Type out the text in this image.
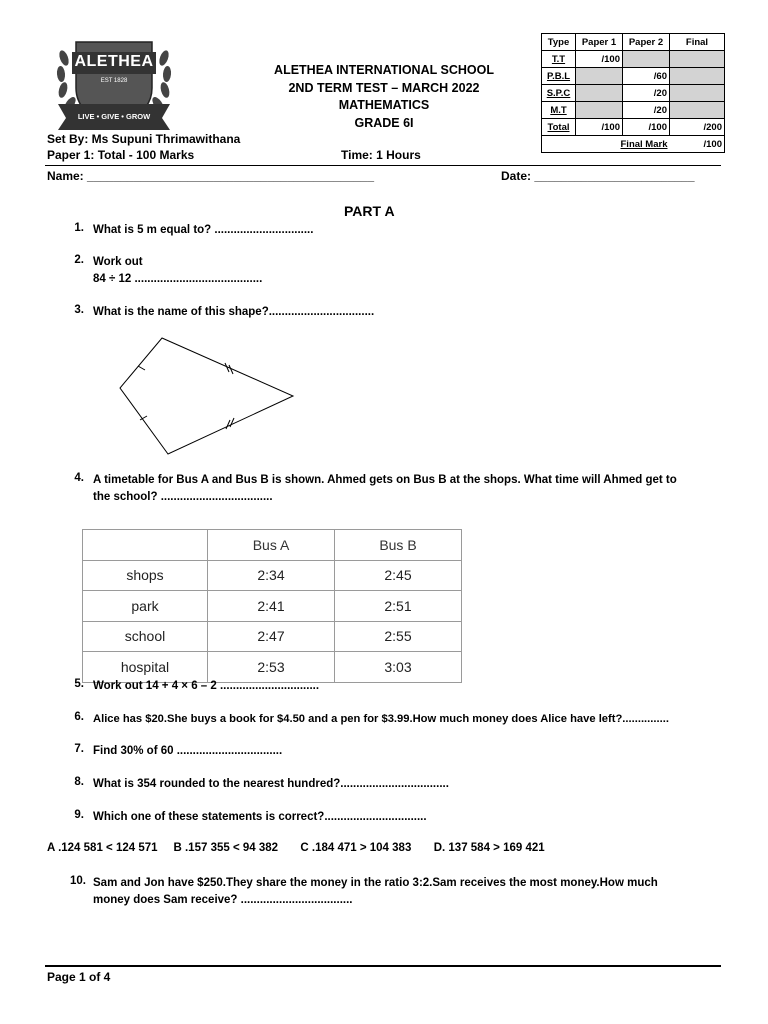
ALETHEA
EST 1828
LIVE • GIVE • GROW
ALETHEA INTERNATIONAL SCHOOL
2ND TERM TEST – MARCH 2022
MATHEMATICS
GRADE 6I
Type	Paper 1	Paper 2	Final
T.T	/100		
P.B.L		/60	
S.P.C		/20	
M.T		/20	
Total	/100	/100	/200
Final Mark			/100
Set By: Ms Supuni Thrimawithana
Paper 1: Total - 100 Marks	Time: 1 Hours
Name: ___________________________________________	Date: ________________________
PART A
1. What is 5 m equal to? ...............................
2. Work out
84 ÷ 12 ........................................
3. What is the name of this shape?.................................
4. A timetable for Bus A and Bus B is shown. Ahmed gets on Bus B at the shops. What time will Ahmed get to
the school? ...................................
	Bus A	Bus B
shops	2:34	2:45
park	2:41	2:51
school	2:47	2:55
hospital	2:53	3:03
5. Work out 14 + 4 × 6 – 2 ...............................
6. Alice has $20.She buys a book for $4.50 and a pen for $3.99.How much money does Alice have left?...............
7. Find 30% of 60 .................................
8. What is 354 rounded to the nearest hundred?..................................
9. Which one of these statements is correct?................................
A .124 581 < 124 571     B .157 355 < 94 382       C .184 471 > 104 383       D. 137 584 > 169 421
10. Sam and Jon have $250.They share the money in the ratio 3:2.Sam receives the most money.How much
money does Sam receive? ...................................
Page 1 of 4
